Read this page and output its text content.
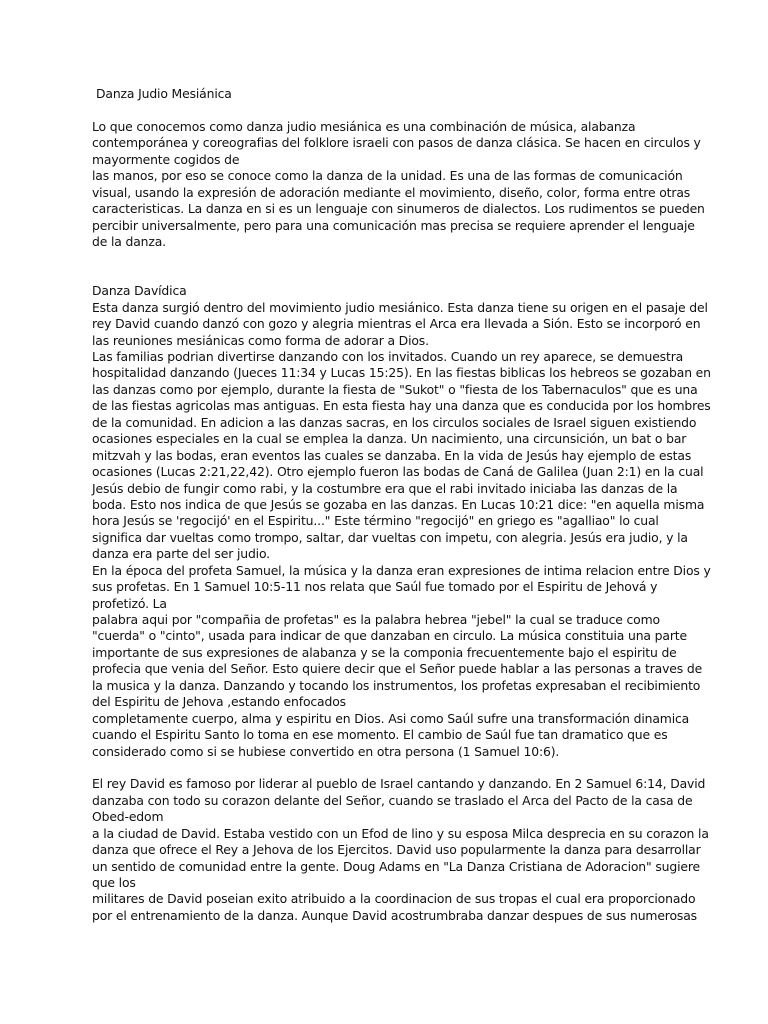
Danza Judio Mesiánica
Lo que conocemos como danza judio mesiánica es una combinación de música, alabanza
contemporánea y coreografias del folklore israeli con pasos de danza clásica. Se hacen en circulos y
mayormente cogidos de
las manos, por eso se conoce como la danza de la unidad. Es una de las formas de comunicación
visual, usando la expresión de adoración mediante el movimiento, diseño, color, forma entre otras
caracteristicas. La danza en si es un lenguaje con sinumeros de dialectos. Los rudimentos se pueden
percibir universalmente, pero para una comunicación mas precisa se requiere aprender el lenguaje
de la danza.
Danza Davídica
Esta danza surgió dentro del movimiento judio mesiánico. Esta danza tiene su origen en el pasaje del
rey David cuando danzó con gozo y alegria mientras el Arca era llevada a Sión. Esto se incorporó en
las reuniones mesiánicas como forma de adorar a Dios.
Las familias podrian divertirse danzando con los invitados. Cuando un rey aparece, se demuestra
hospitalidad danzando (Jueces 11:34 y Lucas 15:25). En las fiestas biblicas los hebreos se gozaban en
las danzas como por ejemplo, durante la fiesta de "Sukot" o "fiesta de los Tabernaculos" que es una
de las fiestas agricolas mas antiguas. En esta fiesta hay una danza que es conducida por los hombres
de la comunidad. En adicion a las danzas sacras, en los circulos sociales de Israel siguen existiendo
ocasiones especiales en la cual se emplea la danza. Un nacimiento, una circunsición, un bat o bar
mitzvah y las bodas, eran eventos las cuales se danzaba. En la vida de Jesús hay ejemplo de estas
ocasiones (Lucas 2:21,22,42). Otro ejemplo fueron las bodas de Caná de Galilea (Juan 2:1) en la cual
Jesús debio de fungir como rabi, y la costumbre era que el rabi invitado iniciaba las danzas de la
boda. Esto nos indica de que Jesús se gozaba en las danzas. En Lucas 10:21 dice: "en aquella misma
hora Jesús se 'regocijó' en el Espiritu..." Este término "regocijó" en griego es "agalliao" lo cual
significa dar vueltas como trompo, saltar, dar vueltas con impetu, con alegria. Jesús era judio, y la
danza era parte del ser judio.
En la época del profeta Samuel, la música y la danza eran expresiones de intima relacion entre Dios y
sus profetas. En 1 Samuel 10:5-11 nos relata que Saúl fue tomado por el Espiritu de Jehová y
profetizó. La
palabra aqui por "compañia de profetas" es la palabra hebrea "jebel" la cual se traduce como
"cuerda" o "cinto", usada para indicar de que danzaban en circulo. La música constituia una parte
importante de sus expresiones de alabanza y se la componia frecuentemente bajo el espiritu de
profecia que venia del Señor. Esto quiere decir que el Señor puede hablar a las personas a traves de
la musica y la danza. Danzando y tocando los instrumentos, los profetas expresaban el recibimiento
del Espiritu de Jehova ,estando enfocados
completamente cuerpo, alma y espiritu en Dios. Asi como Saúl sufre una transformación dinamica
cuando el Espiritu Santo lo toma en ese momento. El cambio de Saúl fue tan dramatico que es
considerado como si se hubiese convertido en otra persona (1 Samuel 10:6).
El rey David es famoso por liderar al pueblo de Israel cantando y danzando. En 2 Samuel 6:14, David
danzaba con todo su corazon delante del Señor, cuando se traslado el Arca del Pacto de la casa de
Obed-edom
a la ciudad de David. Estaba vestido con un Efod de lino y su esposa Milca desprecia en su corazon la
danza que ofrece el Rey a Jehova de los Ejercitos. David uso popularmente la danza para desarrollar
un sentido de comunidad entre la gente. Doug Adams en "La Danza Cristiana de Adoracion" sugiere
que los
militares de David poseian exito atribuido a la coordinacion de sus tropas el cual era proporcionado
por el entrenamiento de la danza. Aunque David acostrumbraba danzar despues de sus numerosas
